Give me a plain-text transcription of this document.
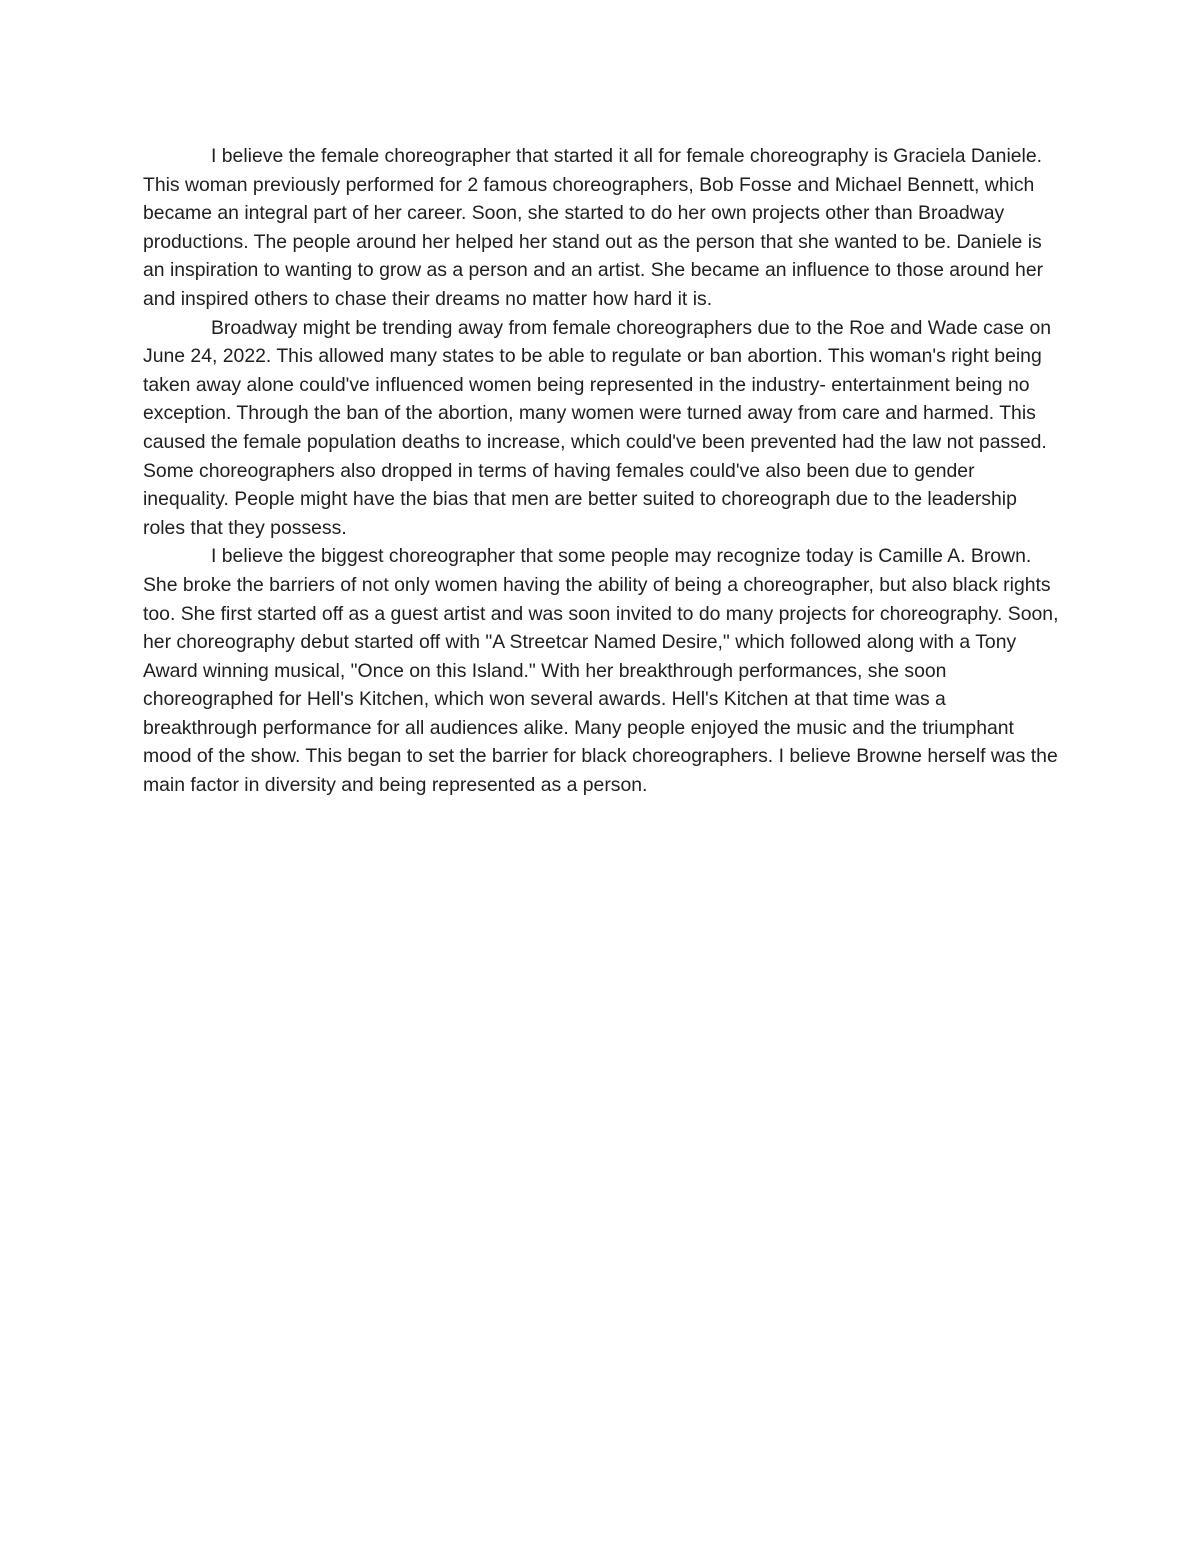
I believe the female choreographer that started it all for female choreography is Graciela Daniele. This woman previously performed for 2 famous choreographers, Bob Fosse and Michael Bennett, which became an integral part of her career. Soon, she started to do her own projects other than Broadway productions. The people around her helped her stand out as the person that she wanted to be. Daniele is an inspiration to wanting to grow as a person and an artist. She became an influence to those around her and inspired others to chase their dreams no matter how hard it is.

Broadway might be trending away from female choreographers due to the Roe and Wade case on June 24, 2022. This allowed many states to be able to regulate or ban abortion. This woman's right being taken away alone could've influenced women being represented in the industry- entertainment being no exception. Through the ban of the abortion, many women were turned away from care and harmed. This caused the female population deaths to increase, which could've been prevented had the law not passed. Some choreographers also dropped in terms of having females could've also been due to gender inequality. People might have the bias that men are better suited to choreograph due to the leadership roles that they possess.

I believe the biggest choreographer that some people may recognize today is Camille A. Brown. She broke the barriers of not only women having the ability of being a choreographer, but also black rights too. She first started off as a guest artist and was soon invited to do many projects for choreography. Soon, her choreography debut started off with "A Streetcar Named Desire," which followed along with a Tony Award winning musical, "Once on this Island." With her breakthrough performances, she soon choreographed for Hell's Kitchen, which won several awards. Hell's Kitchen at that time was a breakthrough performance for all audiences alike. Many people enjoyed the music and the triumphant mood of the show. This began to set the barrier for black choreographers. I believe Browne herself was the main factor in diversity and being represented as a person.
